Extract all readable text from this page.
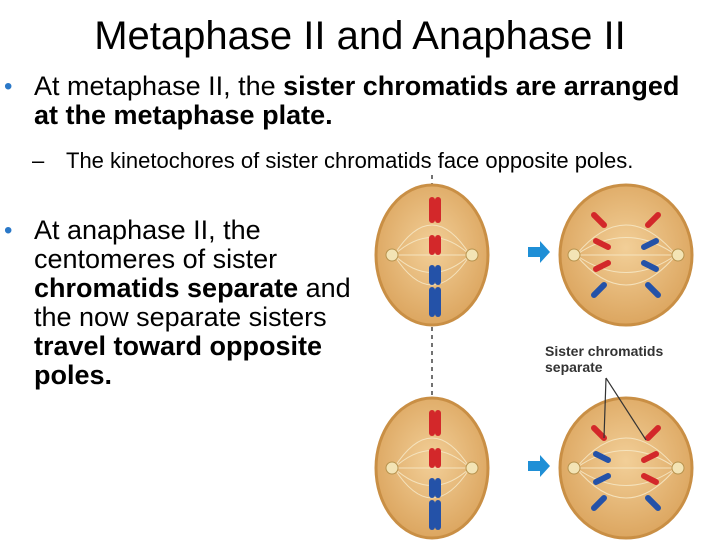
Metaphase II and Anaphase II
• At metaphase II, the sister chromatids are arranged at the metaphase plate.
– The kinetochores of sister chromatids face opposite poles.
• At anaphase II, the centomeres of sister chromatids separate and the now separate sisters travel toward opposite poles.
Sister chromatids
separate
